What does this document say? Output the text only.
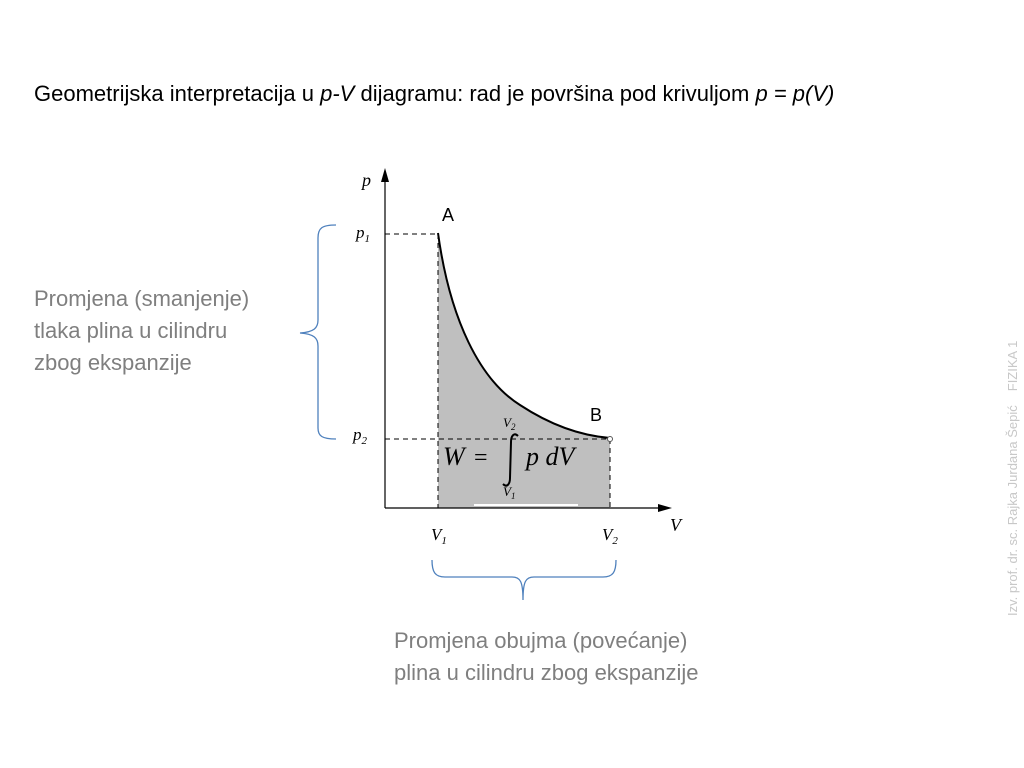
Geometrijska interpretacija u p-V dijagramu: rad je površina pod krivuljom p = p(V)
p
V
$p_1$
$p_2$
$V_1$	$V_2$
A
B
W =
$V_2$
$V_1$
p dV
Promjena (smanjenje)
tlaka plina u cilindru
zbog ekspanzije
Promjena obujma (povećanje)
plina u cilindru zbog ekspanzije
Izv. prof. dr. sc. Rajka Jurdana ŠepićFIZIKA 1
